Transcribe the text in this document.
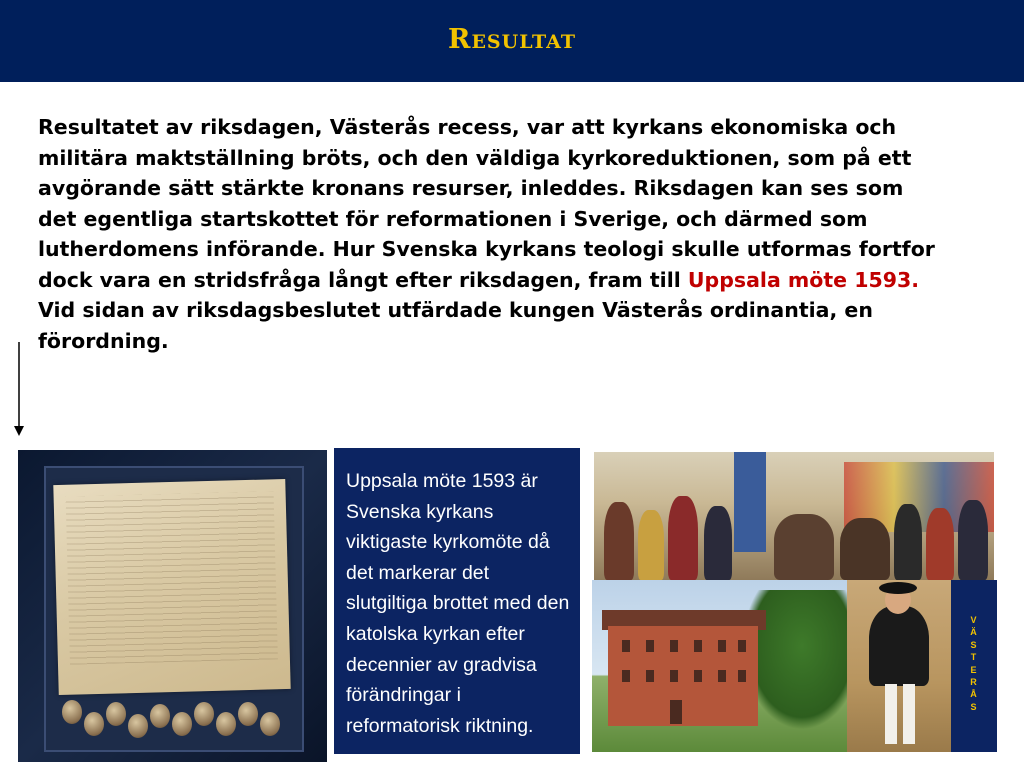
Resultat
Resultatet av riksdagen, Västerås recess, var att kyrkans ekonomiska och militära maktställning bröts, och den väldiga kyrkoreduktionen, som på ett avgörande sätt stärkte kronans resurser, inleddes. Riksdagen kan ses som det egentliga startskottet för reformationen i Sverige, och därmed som lutherdomens införande. Hur Svenska kyrkans teologi skulle utformas fortfor dock vara en stridsfråga långt efter riksdagen, fram till Uppsala möte 1593.
Vid sidan av riksdagsbeslutet utfärdade kungen Västerås ordinantia, en förordning.
Uppsala möte 1593 är Svenska kyrkans viktigaste kyrkomöte då det markerar det slutgiltiga brottet med den katolska kyrkan efter decennier av gradvisa förändringar i reformatorisk riktning.
VÄSTERÅS
